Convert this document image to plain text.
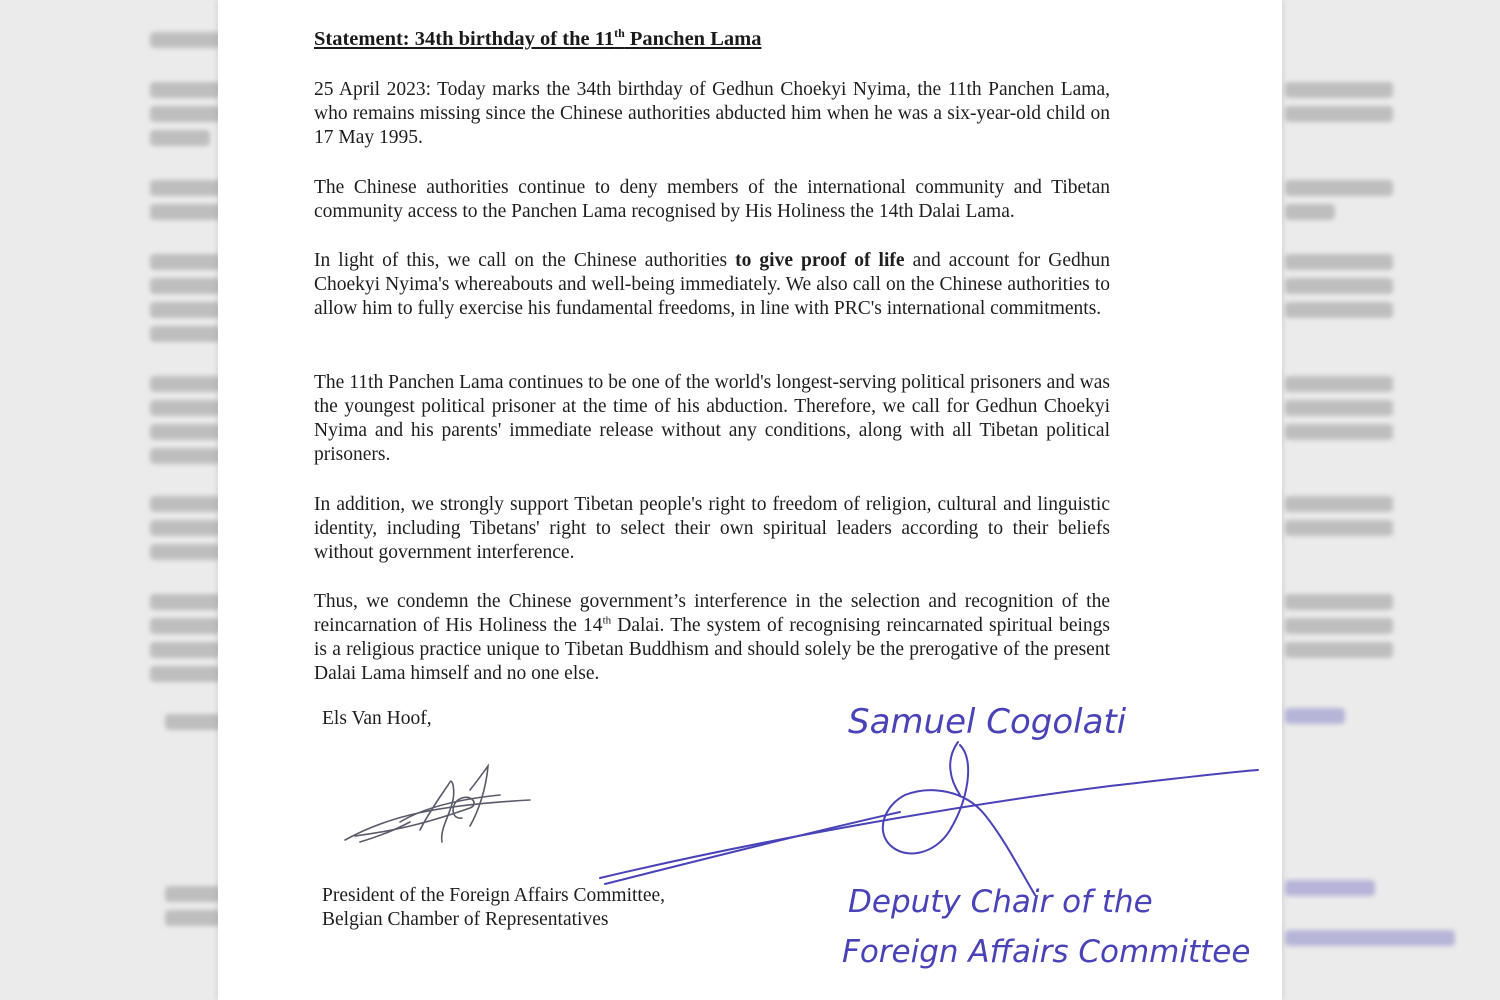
Statement: 34th birthday of the 11th Panchen Lama

25 April 2023: Today marks the 34th birthday of Gedhun Choekyi Nyima, the 11th Panchen Lama, who remains missing since the Chinese authorities abducted him when he was a six-year-old child on 17 May 1995.

The Chinese authorities continue to deny members of the international community and Tibetan community access to the Panchen Lama recognised by His Holiness the 14th Dalai Lama.

In light of this, we call on the Chinese authorities to give proof of life and account for Gedhun Choekyi Nyima's whereabouts and well-being immediately. We also call on the Chinese authorities to allow him to fully exercise his fundamental freedoms, in line with PRC's international commitments.

The 11th Panchen Lama continues to be one of the world's longest-serving political prisoners and was the youngest political prisoner at the time of his abduction. Therefore, we call for Gedhun Choekyi Nyima and his parents' immediate release without any conditions, along with all Tibetan political prisoners.

In addition, we strongly support Tibetan people's right to freedom of religion, cultural and linguistic identity, including Tibetans' right to select their own spiritual leaders according to their beliefs without government interference.

Thus, we condemn the Chinese government’s interference in the selection and recognition of the reincarnation of His Holiness the 14th Dalai. The system of recognising reincarnated spiritual beings is a religious practice unique to Tibetan Buddhism and should solely be the prerogative of the present Dalai Lama himself and no one else.

Els Van Hoof,
President of the Foreign Affairs Committee,
Belgian Chamber of Representatives
Samuel Cogolati
Deputy Chair of the
Foreign Affairs Committee
